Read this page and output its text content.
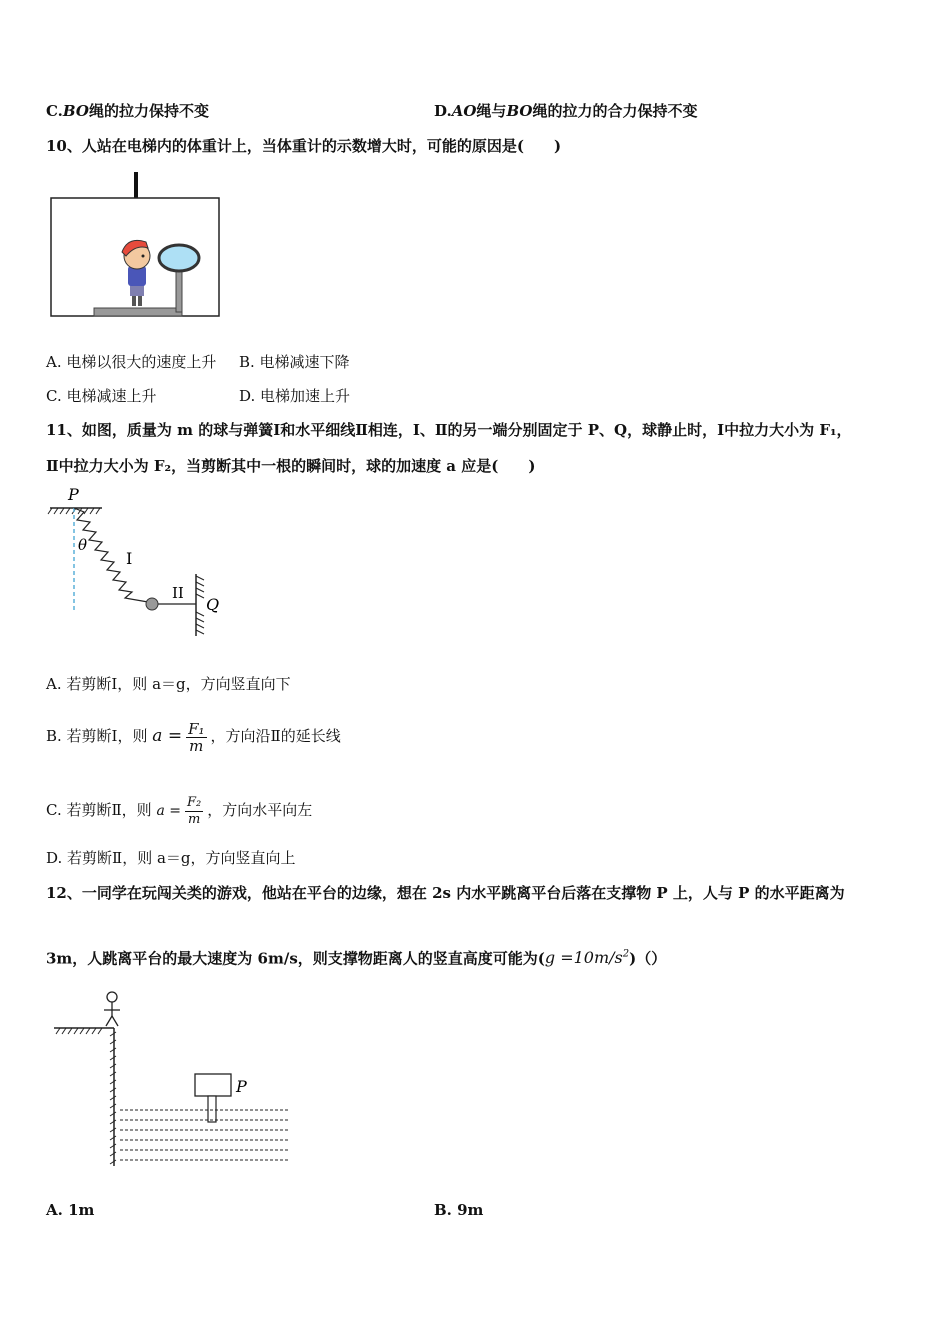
C.BO绳的拉力保持不变	D.AO绳与BO绳的拉力的合力保持不变
10、人站在电梯内的体重计上，当体重计的示数增大时，可能的原因是(　　)
A. 电梯以很大的速度上升 B. 电梯减速下降
C. 电梯减速上升	D. 电梯加速上升
11、如图，质量为 m 的球与弹簧Ⅰ和水平细线Ⅱ相连，Ⅰ、Ⅱ的另一端分别固定于 P、Q，球静止时，Ⅰ中拉力大小为 F₁，
Ⅱ中拉力大小为 F₂，当剪断其中一根的瞬间时，球的加速度 a 应是(　　)
P
θ
I
II
Q
A. 若剪断Ⅰ，则 a＝g，方向竖直向下
B. 若剪断Ⅰ，则 $a = \frac{\text{F₁}}{m}$ ，方向沿Ⅱ的延长线
C. 若剪断Ⅱ，则 $a = \frac{\text{F₂}}{m}$ ，方向水平向左
D. 若剪断Ⅱ，则 a＝g，方向竖直向上
12、一同学在玩闯关类的游戏，他站在平台的边缘，想在 2s 内水平跳离平台后落在支撑物 P 上，人与 P 的水平距离为
3m，人跳离平台的最大速度为 6m/s，则支撑物距离人的竖直高度可能为$(g =10m/s^2)()$
P
A. 1m	B. 9m
